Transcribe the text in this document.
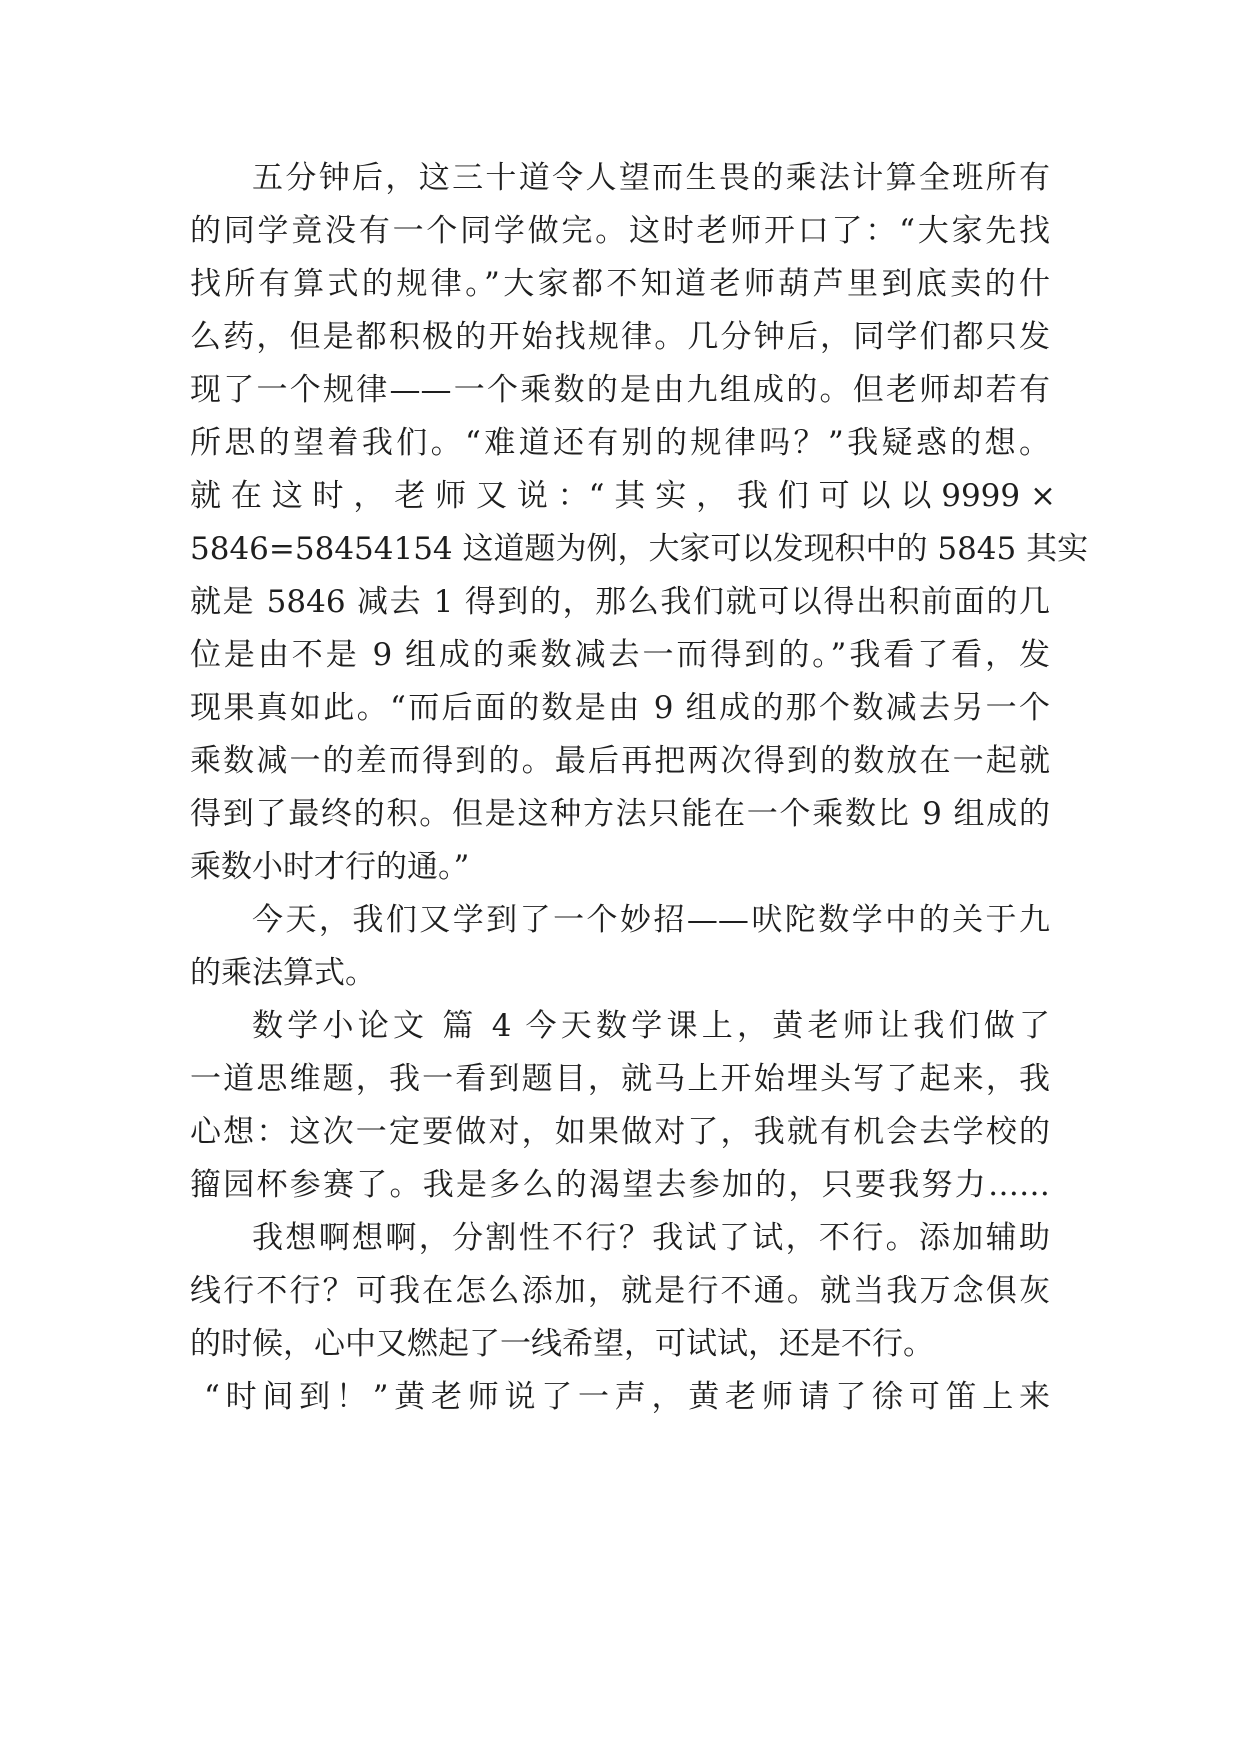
五分钟后，这三十道令人望而生畏的乘法计算全班所有
的同学竟没有一个同学做完。这时老师开口了：“大家先找
找所有算式的规律。”大家都不知道老师葫芦里到底卖的什
么药，但是都积极的开始找规律。几分钟后，同学们都只发
现了一个规律——一个乘数的是由九组成的。但老师却若有
所思的望着我们。“难道还有别的规律吗？”我疑惑的想。
就 在 这 时 ， 老 师 又 说 ：“ 其 实 ， 我 们 可 以 以 9999 ×
5846=58454154 这道题为例，大家可以发现积中的 5845 其实
就是 5846 减去 1 得到的，那么我们就可以得出积前面的几
位是由不是 9 组成的乘数减去一而得到的。”我看了看，发
现果真如此。“而后面的数是由 9 组成的那个数减去另一个
乘数减一的差而得到的。最后再把两次得到的数放在一起就
得到了最终的积。但是这种方法只能在一个乘数比 9 组成的
乘数小时才行的通。”
今天，我们又学到了一个妙招——吠陀数学中的关于九
的乘法算式。
数学小论文 篇 4 今天数学课上，黄老师让我们做了
一道思维题，我一看到题目，就马上开始埋头写了起来，我
心想：这次一定要做对，如果做对了，我就有机会去学校的
籀园杯参赛了。我是多么的渴望去参加的，只要我努力……
我想啊想啊，分割性不行？我试了试，不行。添加辅助
线行不行？可我在怎么添加，就是行不通。就当我万念俱灰
的时候，心中又燃起了一线希望，可试试，还是不行。
“时间到！”黄老师说了一声，黄老师请了徐可笛上来
